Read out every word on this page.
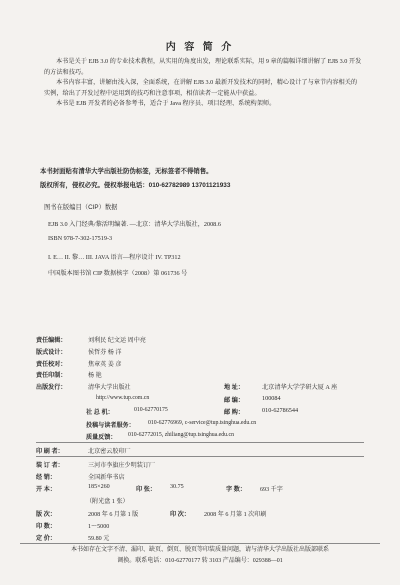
内 容 简 介

本书是关于 EJB 3.0 的专业技术教程，从实用的角度出发，理论联系实际，用 9 章的篇幅详细讲解了 EJB 3.0 开发的方法和技巧。

本书内容丰富，讲解由浅入深，全面系统，在讲解 EJB 3.0 最新开发技术的同时，精心设计了与章节内容相关的实例，给出了开发过程中运用到的技巧和注意事项，相信读者一定能从中获益。

本书是 EJB 开发者的必备参考书，适合于 Java 程序员、项目经理、系统构架师。

本书封面贴有清华大学出版社防伪标签，无标签者不得销售。
版权所有，侵权必究。侵权举报电话：010-62782989 13701121933
图书在版编目（CIP）数据
EJB 3.0 入门经典/黎活明编著. —北京：清华大学出版社，2008.6
ISBN 978-7-302-17519-3
I. E… II. 黎… III. JAVA 语言—程序设计 IV. TP312
中国版本图书馆 CIP 数据核字（2008）第 061736 号
责任编辑：	刘利民 纪文运 周中亮
版式设计：	侯哲芬 杨 洋
责任校对：	焦章英 姜 彦
责任印制：	杨 艳
出版发行：	清华大学出版社	地 址：	北京清华大学学研大厦 A 座
http://www.tup.com.cn	邮 编：	100084
社 总 机：	010-62770175	邮 购：	010-62786544
投稿与读者服务： 010-62776969, c-service@tup.tsinghua.edu.cn
质量反馈： 010-62772015, zhiliang@tup.tsinghua.edu.cn
印 刷 者：	北京密云胶印厂
装 订 者：	三河市李旗庄少明装订厂
经 销：	全国新华书店
开 本：	185×260	印 张： 30.75	字 数： 693 千字
（附光盘 1 张）
版 次：	2008 年 6 月第 1 版	印 次： 2008 年 6 月第 1 次印刷
印 数：	1～5000
定 价：	59.80 元
本书如存在文字不清、漏印、缺页、倒页、脱页等印装质量问题，请与清华大学出版社出版部联系
调换。联系电话：010-62770177 转 3103 产品编号：029388—01
